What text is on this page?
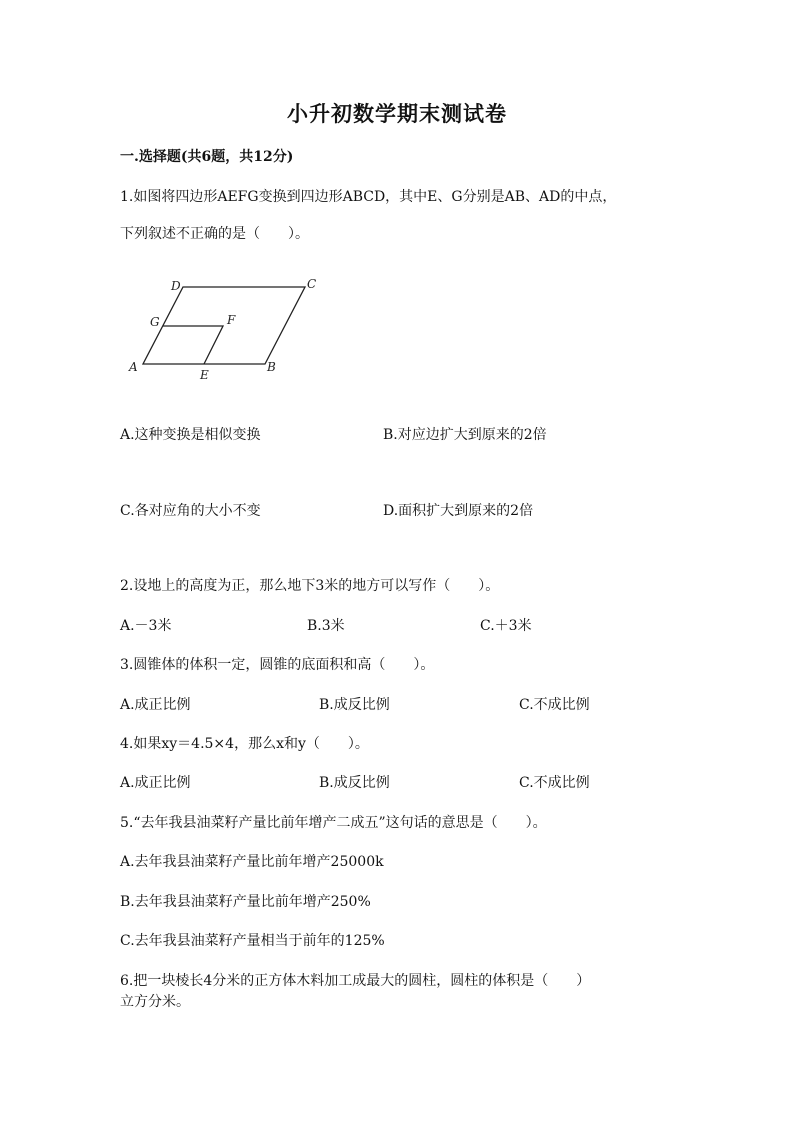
小升初数学期末测试卷
一.选择题(共6题，共12分)
1.如图将四边形AEFG变换到四边形ABCD，其中E、G分别是AB、AD的中点，
下列叙述不正确的是（　　）。
A	B
C
D
E
F
G
A.这种变换是相似变换	B.对应边扩大到原来的2倍
C.各对应角的大小不变	D.面积扩大到原来的2倍
2.设地上的高度为正，那么地下3米的地方可以写作（　　）。
A.－3米	B.3米	C.＋3米
3.圆锥体的体积一定，圆锥的底面积和高（　　）。
A.成正比例	B.成反比例	C.不成比例
4.如果xy＝4.5×4，那么x和y（　　）。
A.成正比例	B.成反比例	C.不成比例
5.“去年我县油菜籽产量比前年增产二成五”这句话的意思是（　　）。
A.去年我县油菜籽产量比前年增产25000k
B.去年我县油菜籽产量比前年增产250%
C.去年我县油菜籽产量相当于前年的125%
6.把一块棱长4分米的正方体木料加工成最大的圆柱，圆柱的体积是（　　）
立方分米。
